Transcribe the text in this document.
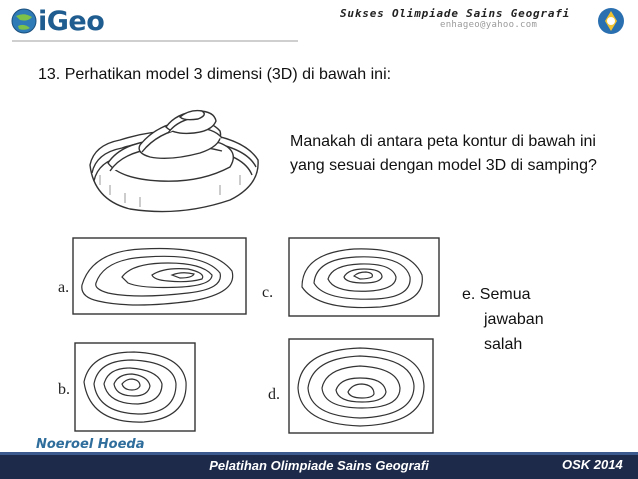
iGeo	Sukses Olimpiade Sains Geografi
enhageo@yahoo.com
13. Perhatikan model 3 dimensi (3D) di bawah ini:
Manakah di antara peta kontur di bawah ini yang sesuai dengan model 3D di samping?
a.	c.	e. Semua
jawaban
salah
b.	d.
Noeroel Hoeda
Pelatihan Olimpiade Sains Geografi	OSK 2014
